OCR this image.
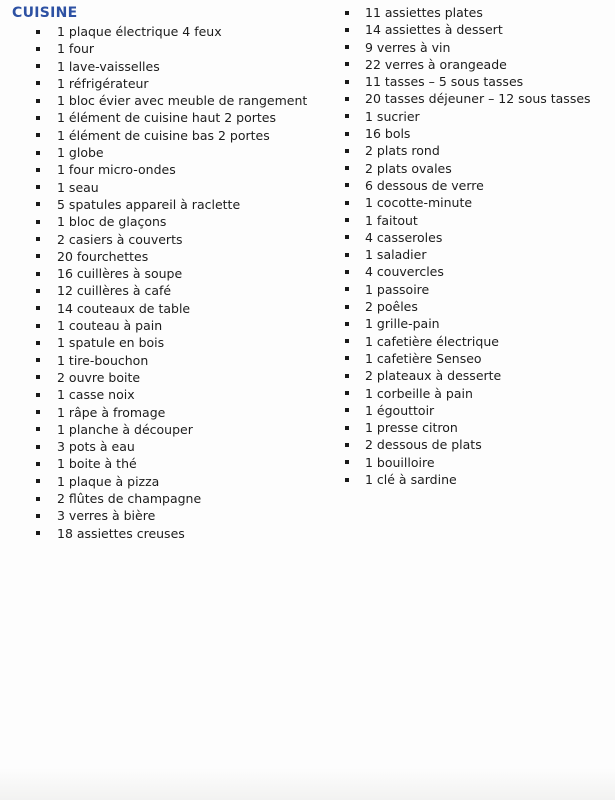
CUISINE
1 plaque électrique 4 feux
1 four
1 lave-vaisselles
1 réfrigérateur
1 bloc évier avec meuble de rangement
1 élément de cuisine haut 2 portes
1 élément de cuisine bas 2 portes
1 globe
1 four micro-ondes
1 seau
5 spatules appareil à raclette
1 bloc de glaçons
2 casiers à couverts
20 fourchettes
16 cuillères à soupe
12 cuillères à café
14 couteaux de table
1 couteau à pain
1 spatule en bois
1 tire-bouchon
2 ouvre boite
1 casse noix
1 râpe à fromage
1 planche à découper
3 pots à eau
1 boite à thé
1 plaque à pizza
2 flûtes de champagne
3 verres à bière
18 assiettes creuses
11 assiettes plates
14 assiettes à dessert
9 verres à vin
22 verres à orangeade
11 tasses – 5 sous tasses
20 tasses déjeuner – 12 sous tasses
1 sucrier
16 bols
2 plats rond
2 plats ovales
6 dessous de verre
1 cocotte-minute
1 faitout
4 casseroles
1 saladier
4 couvercles
1 passoire
2 poêles
1 grille-pain
1 cafetière électrique
1 cafetière Senseo
2 plateaux à desserte
1 corbeille à pain
1 égouttoir
1 presse citron
2 dessous de plats
1 bouilloire
1 clé à sardine
